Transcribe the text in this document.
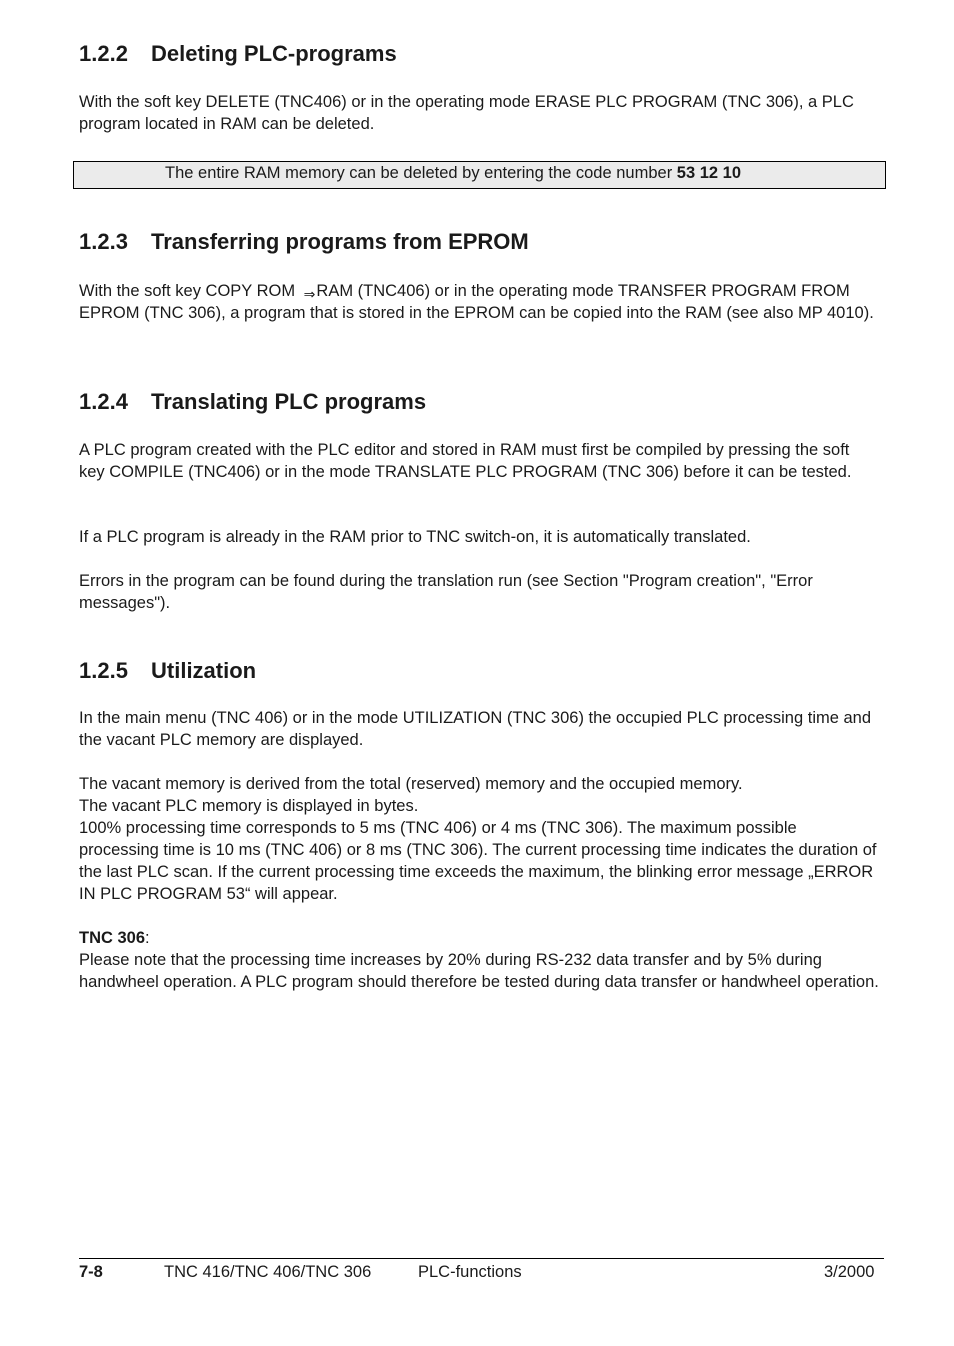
1.2.2 Deleting PLC-programs

With the soft key DELETE (TNC406) or in the operating mode ERASE PLC PROGRAM (TNC 306), a PLC program located in RAM can be deleted.

The entire RAM memory can be deleted by entering the code number 53 12 10
1.2.3 Transferring programs from EPROM

With the soft key COPY ROM ⇒RAM (TNC406) or in the operating mode TRANSFER PROGRAM FROM EPROM (TNC 306), a program that is stored in the EPROM can be copied into the RAM (see also MP 4010).

1.2.4 Translating PLC programs

A PLC program created with the PLC editor and stored in RAM must first be compiled by pressing the soft key COMPILE (TNC406) or in the mode TRANSLATE PLC PROGRAM (TNC 306) before it can be tested.

If a PLC program is already in the RAM prior to TNC switch-on, it is automatically translated.

Errors in the program can be found during the translation run (see Section "Program creation", "Error messages").

1.2.5 Utilization

In the main menu (TNC 406) or in the mode UTILIZATION (TNC 306) the occupied PLC processing time and the vacant PLC memory are displayed.

The vacant memory is derived from the total (reserved) memory and the occupied memory.

The vacant PLC memory is displayed in bytes.

100% processing time corresponds to 5 ms (TNC 406) or 4 ms (TNC 306). The maximum possible processing time is 10 ms (TNC 406) or 8 ms (TNC 306). The current processing time indicates the duration of the last PLC scan. If the current processing time exceeds the maximum, the blinking error message „ERROR IN PLC PROGRAM 53“ will appear.

TNC 306:

Please note that the processing time increases by 20% during RS-232 data transfer and by 5% during handwheel operation. A PLC program should therefore be tested during data transfer or handwheel operation.

7-8	TNC 416/TNC 406/TNC 306	PLC-functions	3/2000
